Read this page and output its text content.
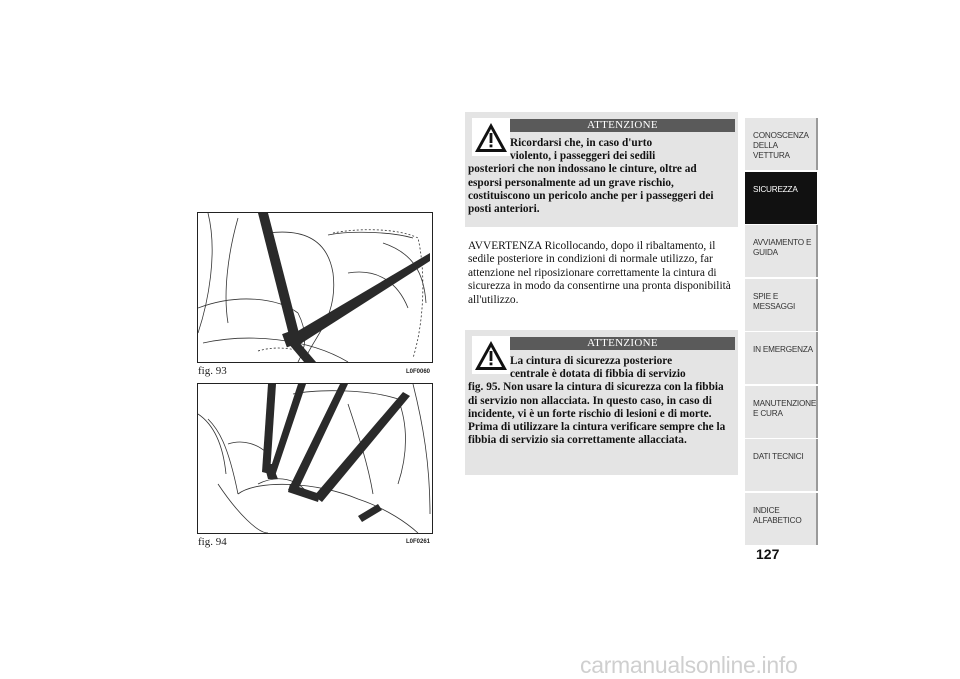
fig. 93	L0F0060
fig. 94	L0F0261
ATTENZIONE
Ricordarsi che, in caso d'urto
violento, i passeggeri dei sedili
posteriori che non indossano le cinture, oltre ad esporsi personalmente ad un grave rischio, costituiscono un pericolo anche per i passeggeri dei posti anteriori.
AVVERTENZA Ricollocando, dopo il ribaltamento, il sedile posteriore in condizioni di normale utilizzo, far attenzione nel riposizionare correttamente la cintura di sicurezza in modo da consentirne una pronta disponibilità all'utilizzo.
ATTENZIONE
La cintura di sicurezza posteriore
centrale è dotata di fibbia di servizio
fig. 95. Non usare la cintura di sicurezza con la fibbia di servizio non allacciata. In questo caso, in caso di incidente, vi è un forte rischio di lesioni e di morte. Prima di utilizzare la cintura verificare sempre che la fibbia di servizio sia correttamente allacciata.
CONOSCENZA DELLA VETTURA
SICUREZZA
AVVIAMENTO E GUIDA
SPIE E MESSAGGI
IN EMERGENZA
MANUTENZIONE E CURA
DATI TECNICI
INDICE ALFABETICO
127
carmanualsonline.info
